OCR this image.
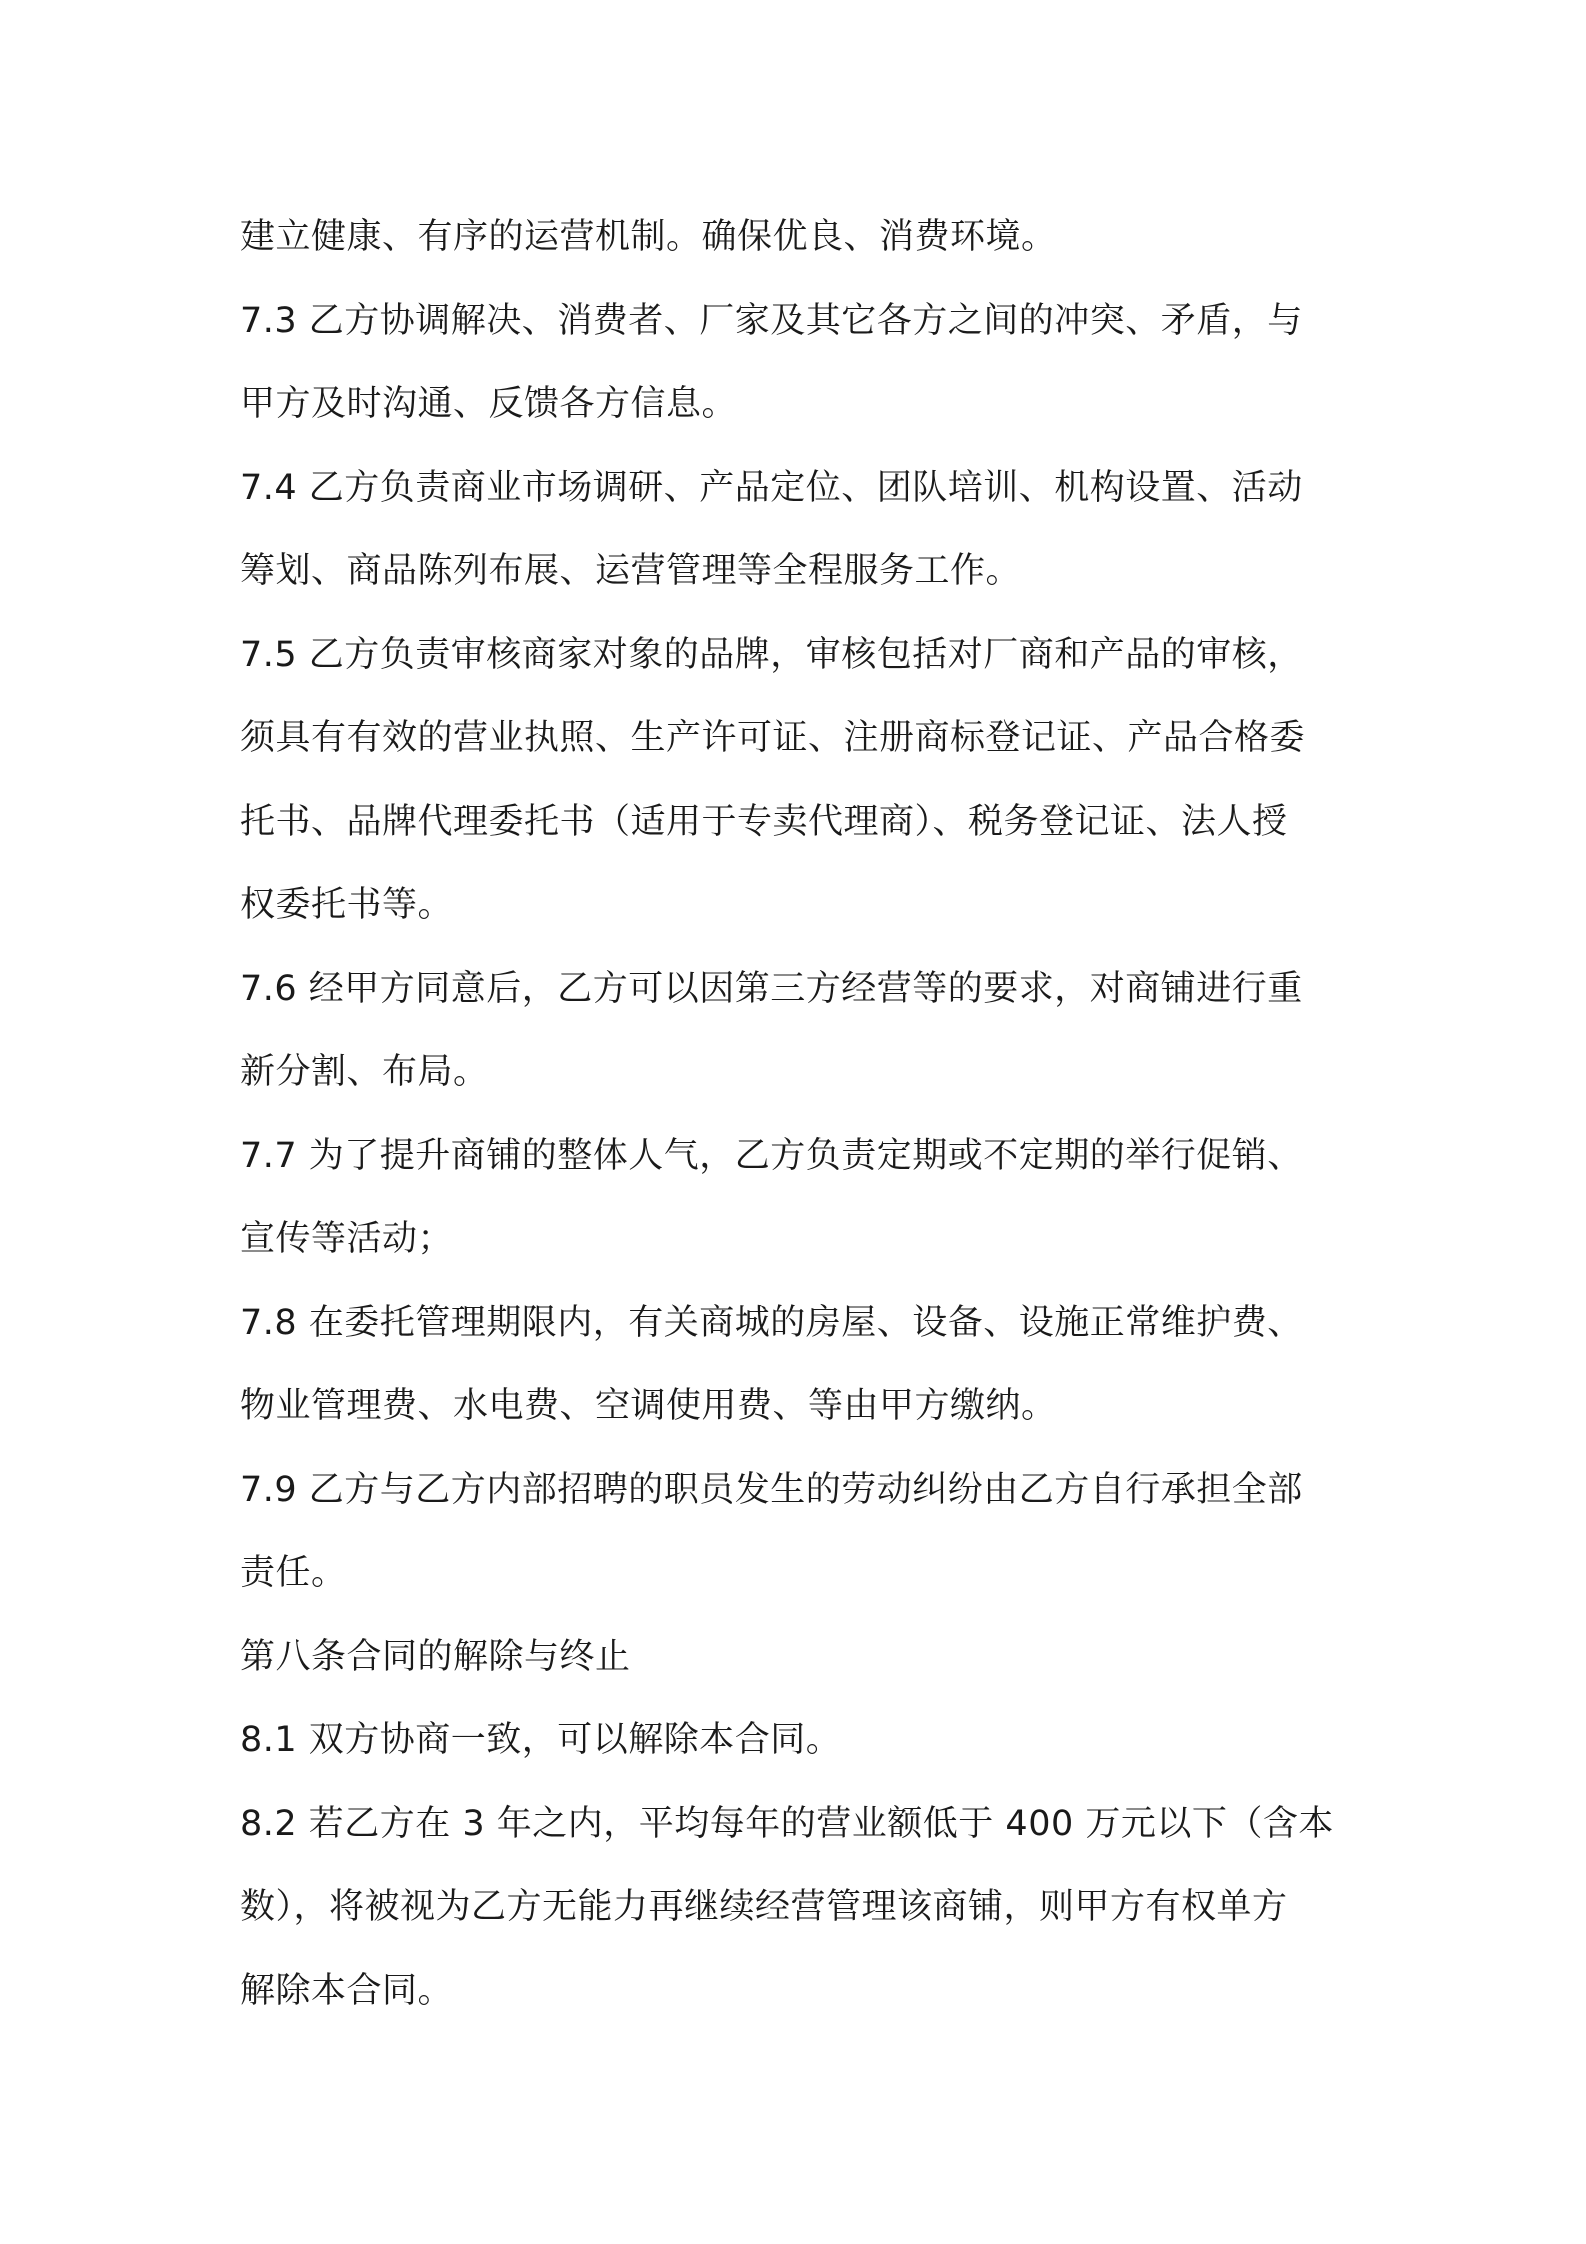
建立健康、有序的运营机制。确保优良、消费环境。
7.3 乙方协调解决、消费者、厂家及其它各方之间的冲突、矛盾，与
甲方及时沟通、反馈各方信息。
7.4 乙方负责商业市场调研、产品定位、团队培训、机构设置、活动
筹划、商品陈列布展、运营管理等全程服务工作。
7.5 乙方负责审核商家对象的品牌，审核包括对厂商和产品的审核，
须具有有效的营业执照、生产许可证、注册商标登记证、产品合格委
托书、品牌代理委托书（适用于专卖代理商）、税务登记证、法人授
权委托书等。
7.6 经甲方同意后，乙方可以因第三方经营等的要求，对商铺进行重
新分割、布局。
7.7 为了提升商铺的整体人气，乙方负责定期或不定期的举行促销、
宣传等活动；
7.8 在委托管理期限内，有关商城的房屋、设备、设施正常维护费、
物业管理费、水电费、空调使用费、等由甲方缴纳。
7.9 乙方与乙方内部招聘的职员发生的劳动纠纷由乙方自行承担全部
责任。
第八条合同的解除与终止
8.1 双方协商一致，可以解除本合同。
8.2 若乙方在 3 年之内，平均每年的营业额低于 400 万元以下（含本
数），将被视为乙方无能力再继续经营管理该商铺，则甲方有权单方
解除本合同。
